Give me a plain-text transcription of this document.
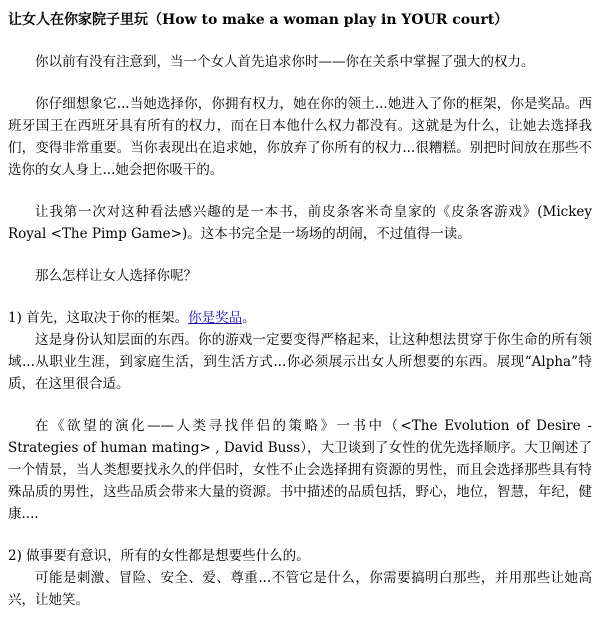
让女人在你家院子里玩（How to make a woman play in YOUR court）

你以前有没有注意到，当一个女人首先追求你时——你在关系中掌握了强大的权力。

你仔细想象它...当她选择你，你拥有权力，她在你的领土...她进入了你的框架，你是奖品。西班牙国王在西班牙具有所有的权力，而在日本他什么权力都没有。这就是为什么，让她去选择我们，变得非常重要。当你表现出在追求她，你放弃了你所有的权力...很糟糕。别把时间放在那些不选你的女人身上...她会把你吸干的。

让我第一次对这种看法感兴趣的是一本书，前皮条客米奇皇家的《皮条客游戏》(Mickey Royal <The Pimp Game>)。这本书完全是一场场的胡闹，不过值得一读。

那么怎样让女人选择你呢？

1) 首先，这取决于你的框架。你是奖品。

这是身份认知层面的东西。你的游戏一定要变得严格起来，让这种想法贯穿于你生命的所有领域...从职业生涯，到家庭生活，到生活方式...你必须展示出女人所想要的东西。展现“Alpha”特质，在这里很合适。

在《欲望的演化——人类寻找伴侣的策略》一书中（<The Evolution of Desire - Strategies of human mating> , David Buss），大卫谈到了女性的优先选择顺序。大卫阐述了一个情景，当人类想要找永久的伴侣时，女性不止会选择拥有资源的男性，而且会选择那些具有特殊品质的男性，这些品质会带来大量的资源。书中描述的品质包括，野心，地位，智慧，年纪，健康....

2) 做事要有意识，所有的女性都是想要些什么的。

可能是刺激、冒险、安全、爱、尊重...不管它是什么，你需要搞明白那些，并用那些让她高兴，让她笑。
